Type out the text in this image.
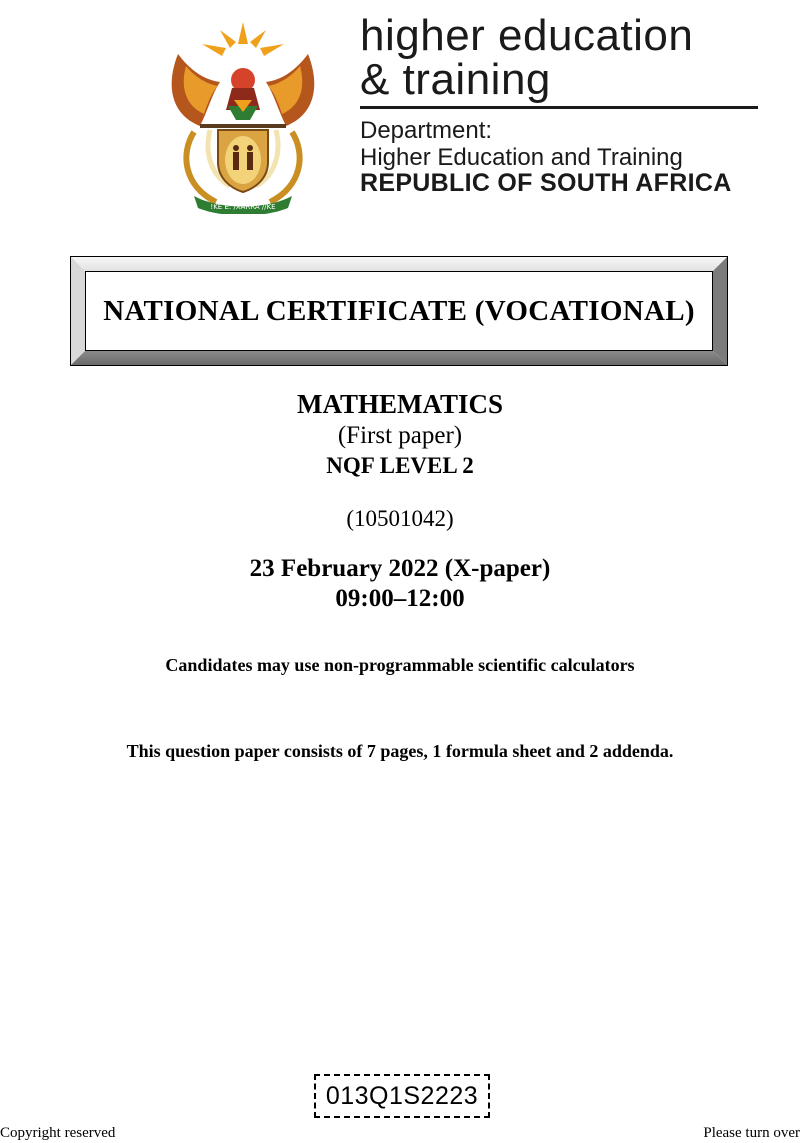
!KE E: /XARRA //KE
higher education
& training
Department:
Higher Education and Training
REPUBLIC OF SOUTH AFRICA
NATIONAL CERTIFICATE (VOCATIONAL)
MATHEMATICS
(First paper)
NQF LEVEL 2
(10501042)
23 February 2022 (X-paper)
09:00–12:00
Candidates may use non-programmable scientific calculators
This question paper consists of 7 pages, 1 formula sheet and 2 addenda.
013Q1S2223
Copyright reserved	Please turn over
